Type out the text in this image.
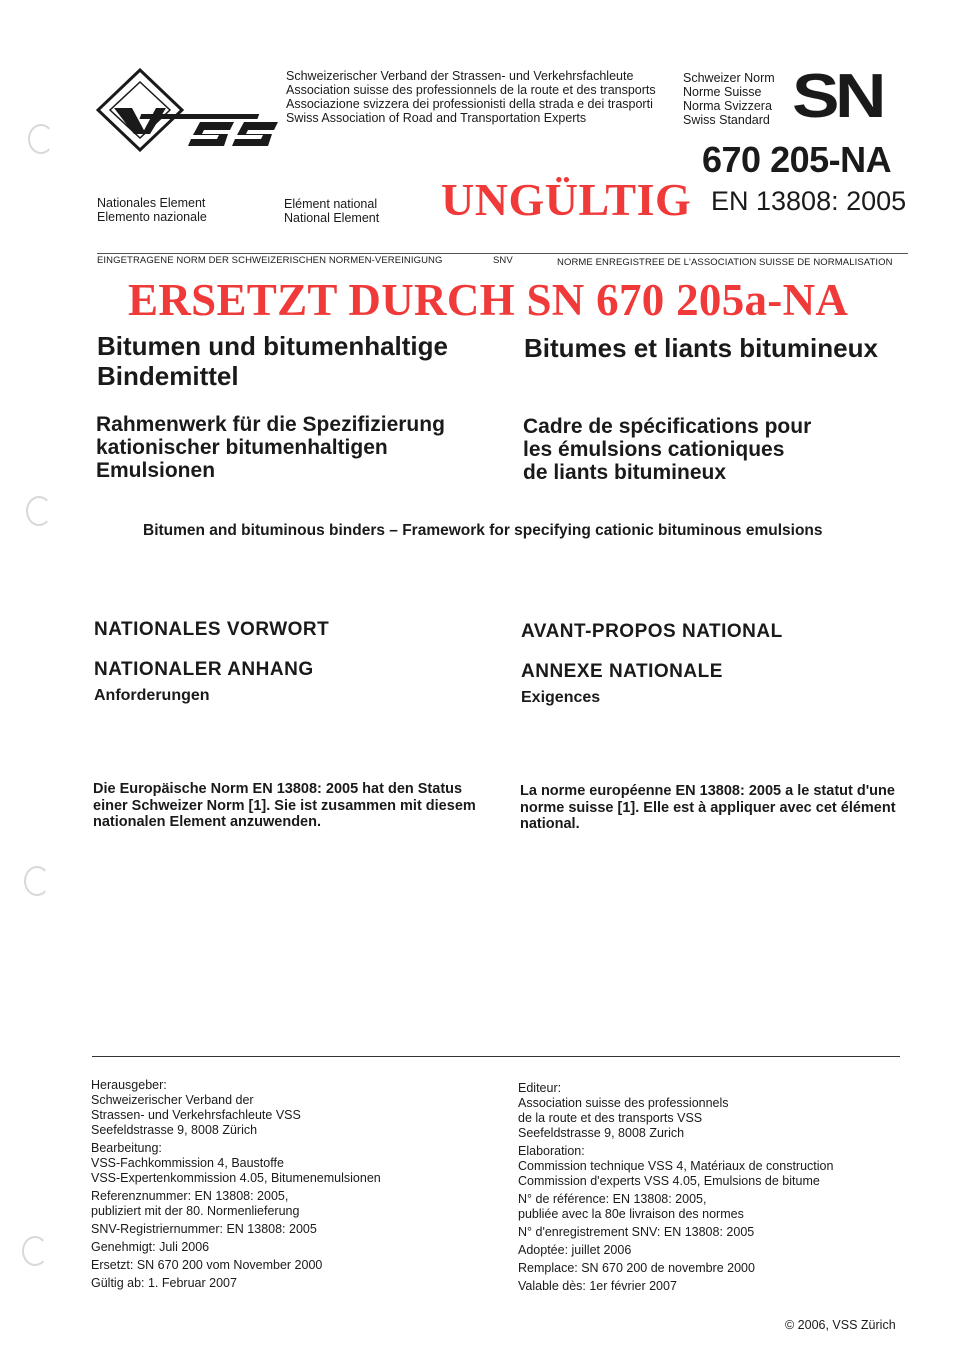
Schweizerischer Verband der Strassen- und Verkehrsfachleute
Association suisse des professionnels de la route et des transports
Associazione svizzera dei professionisti della strada e dei trasporti
Swiss Association of Road and Transportation Experts
Schweizer Norm
Norme Suisse
Norma Svizzera
Swiss Standard SN
670 205-NA
EN 13808: 2005
Nationales Element
Elemento nazionale
Elément national
National Element UNGÜLTIG
EINGETRAGENE NORM DER SCHWEIZERISCHEN NORMEN-VEREINIGUNG	SNV	NORME ENREGISTREE DE L'ASSOCIATION SUISSE DE NORMALISATION
ERSETZT DURCH SN 670 205a-NA
Bitumen und bitumenhaltige
Bindemittel
Bitumes et liants bitumineux
Rahmenwerk für die Spezifizierung
kationischer bitumenhaltigen
Emulsionen
Cadre de spécifications pour
les émulsions cationiques
de liants bitumineux
Bitumen and bituminous binders – Framework for specifying cationic bituminous emulsions
NATIONALES VORWORT	AVANT-PROPOS NATIONAL
NATIONALER ANHANG	ANNEXE NATIONALE
Anforderungen	Exigences
Die Europäische Norm EN 13808: 2005 hat den Status
einer Schweizer Norm [1]. Sie ist zusammen mit diesem
nationalen Element anzuwenden.
La norme européenne EN 13808: 2005 a le statut d'une
norme suisse [1]. Elle est à appliquer avec cet élément
national.

Herausgeber:
Schweizerischer Verband der
Strassen- und Verkehrsfachleute VSS
Seefeldstrasse 9, 8008 Zürich

Bearbeitung:
VSS-Fachkommission 4, Baustoffe
VSS-Expertenkommission 4.05, Bitumenemulsionen

Referenznummer: EN 13808: 2005,
publiziert mit der 80. Normenlieferung

SNV-Registriernummer: EN 13808: 2005

Genehmigt: Juli 2006

Ersetzt: SN 670 200 vom November 2000

Gültig ab: 1. Februar 2007

Editeur:
Association suisse des professionnels
de la route et des transports VSS
Seefeldstrasse 9, 8008 Zurich

Elaboration:
Commission technique VSS 4, Matériaux de construction
Commission d'experts VSS 4.05, Emulsions de bitume

N° de référence: EN 13808: 2005,
publiée avec la 80e livraison des normes

N° d'enregistrement SNV: EN 13808: 2005

Adoptée: juillet 2006

Remplace: SN 670 200 de novembre 2000

Valable dès: 1er février 2007

© 2006, VSS Zürich
